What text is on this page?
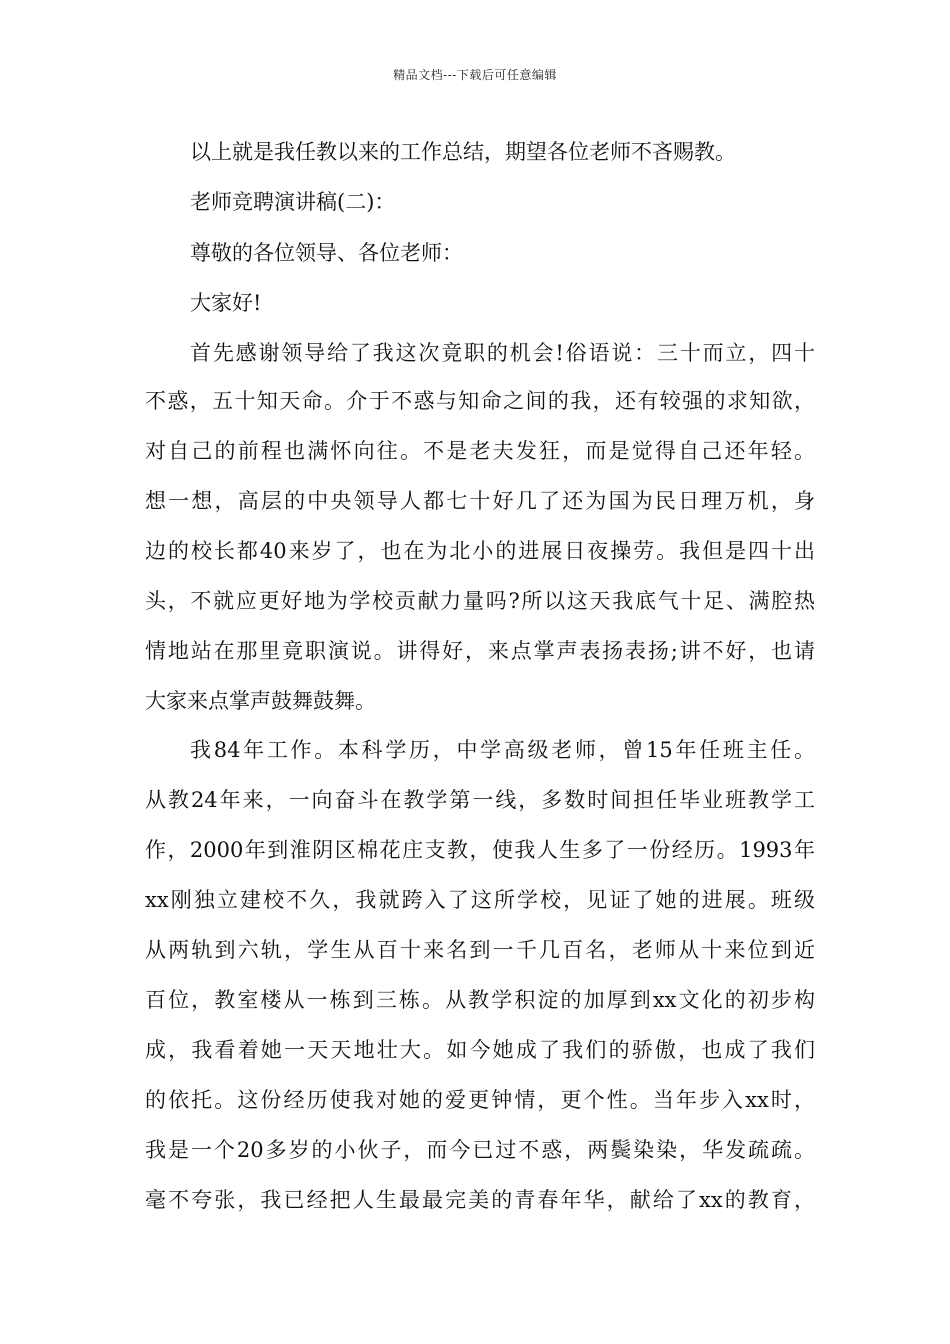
精品文档---下载后可任意编辑
以上就是我任教以来的工作总结，期望各位老师不吝赐教。
老师竞聘演讲稿(二)：
尊敬的各位领导、各位老师：
大家好!
首先感谢领导给了我这次竟职的机会!俗语说：三十而立，四十
不惑，五十知天命。介于不惑与知命之间的我，还有较强的求知欲，
对自己的前程也满怀向往。不是老夫发狂，而是觉得自己还年轻。
想一想，高层的中央领导人都七十好几了还为国为民日理万机，身
边的校长都40来岁了，也在为北小的进展日夜操劳。我但是四十出
头，不就应更好地为学校贡献力量吗?所以这天我底气十足、满腔热
情地站在那里竟职演说。讲得好，来点掌声表扬表扬;讲不好，也请
大家来点掌声鼓舞鼓舞。
我84年工作。本科学历，中学高级老师，曾15年任班主任。
从教24年来，一向奋斗在教学第一线，多数时间担任毕业班教学工
作，2000年到淮阴区棉花庄支教，使我人生多了一份经历。1993年
xx刚独立建校不久，我就跨入了这所学校，见证了她的进展。班级
从两轨到六轨，学生从百十来名到一千几百名，老师从十来位到近
百位，教室楼从一栋到三栋。从教学积淀的加厚到xx文化的初步构
成，我看着她一天天地壮大。如今她成了我们的骄傲，也成了我们
的依托。这份经历使我对她的爱更钟情，更个性。当年步入xx时，
我是一个20多岁的小伙子，而今已过不惑，两鬓染染，华发疏疏。
毫不夸张，我已经把人生最最完美的青春年华，献给了xx的教育，
